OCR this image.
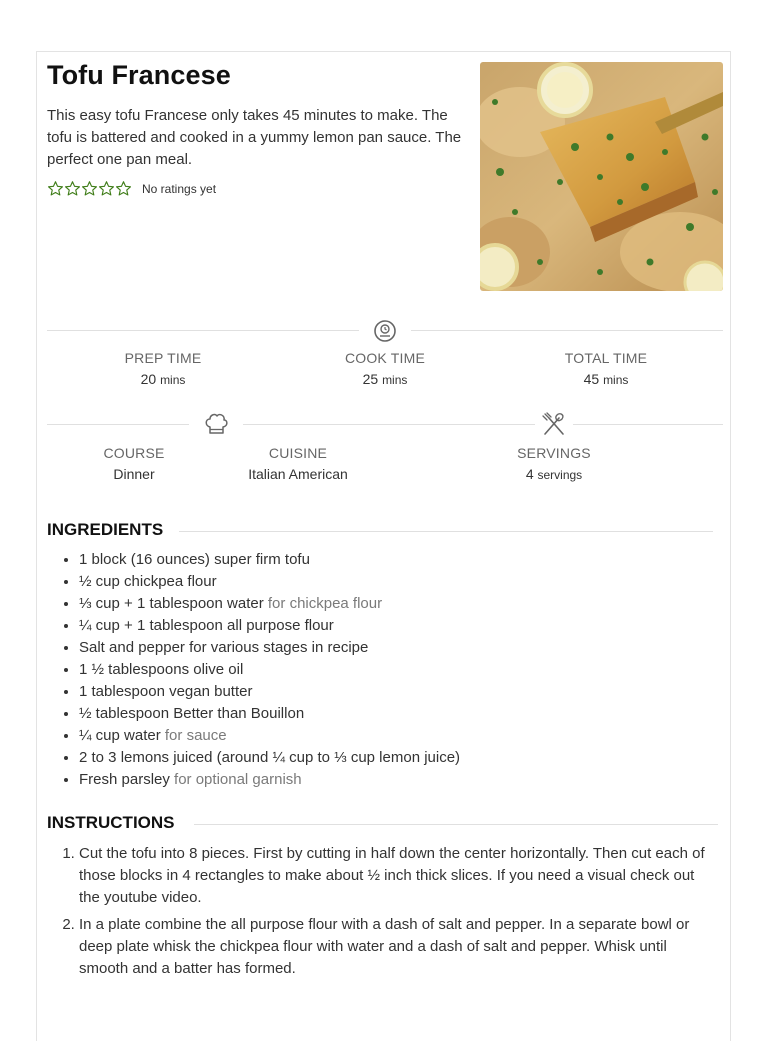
Tofu Francese

This easy tofu Francese only takes 45 minutes to make. The tofu is battered and cooked in a yummy lemon pan sauce. The perfect one pan meal.

No ratings yet
PREP TIME
20 mins
COOK TIME
25 mins
TOTAL TIME
45 mins
COURSE
Dinner
CUISINE
Italian American
SERVINGS
4 servings
INGREDIENTS
• 1 block (16 ounces) super firm tofu
• ½ cup chickpea flour
• ⅓ cup + 1 tablespoon water for chickpea flour
• ¼ cup + 1 tablespoon all purpose flour
• Salt and pepper for various stages in recipe
• 1 ½ tablespoons olive oil
• 1 tablespoon vegan butter
• ½ tablespoon Better than Bouillon
• ¼ cup water for sauce
• 2 to 3 lemons juiced (around ¼ cup to ⅓ cup lemon juice)
• Fresh parsley for optional garnish
INSTRUCTIONS
1. Cut the tofu into 8 pieces. First by cutting in half down the center horizontally. Then cut each of those blocks in 4 rectangles to make about ½ inch thick slices. If you need a visual check out the youtube video.
2. In a plate combine the all purpose flour with a dash of salt and pepper. In a separate bowl or deep plate whisk the chickpea flour with water and a dash of salt and pepper. Whisk until smooth and a batter has formed.
